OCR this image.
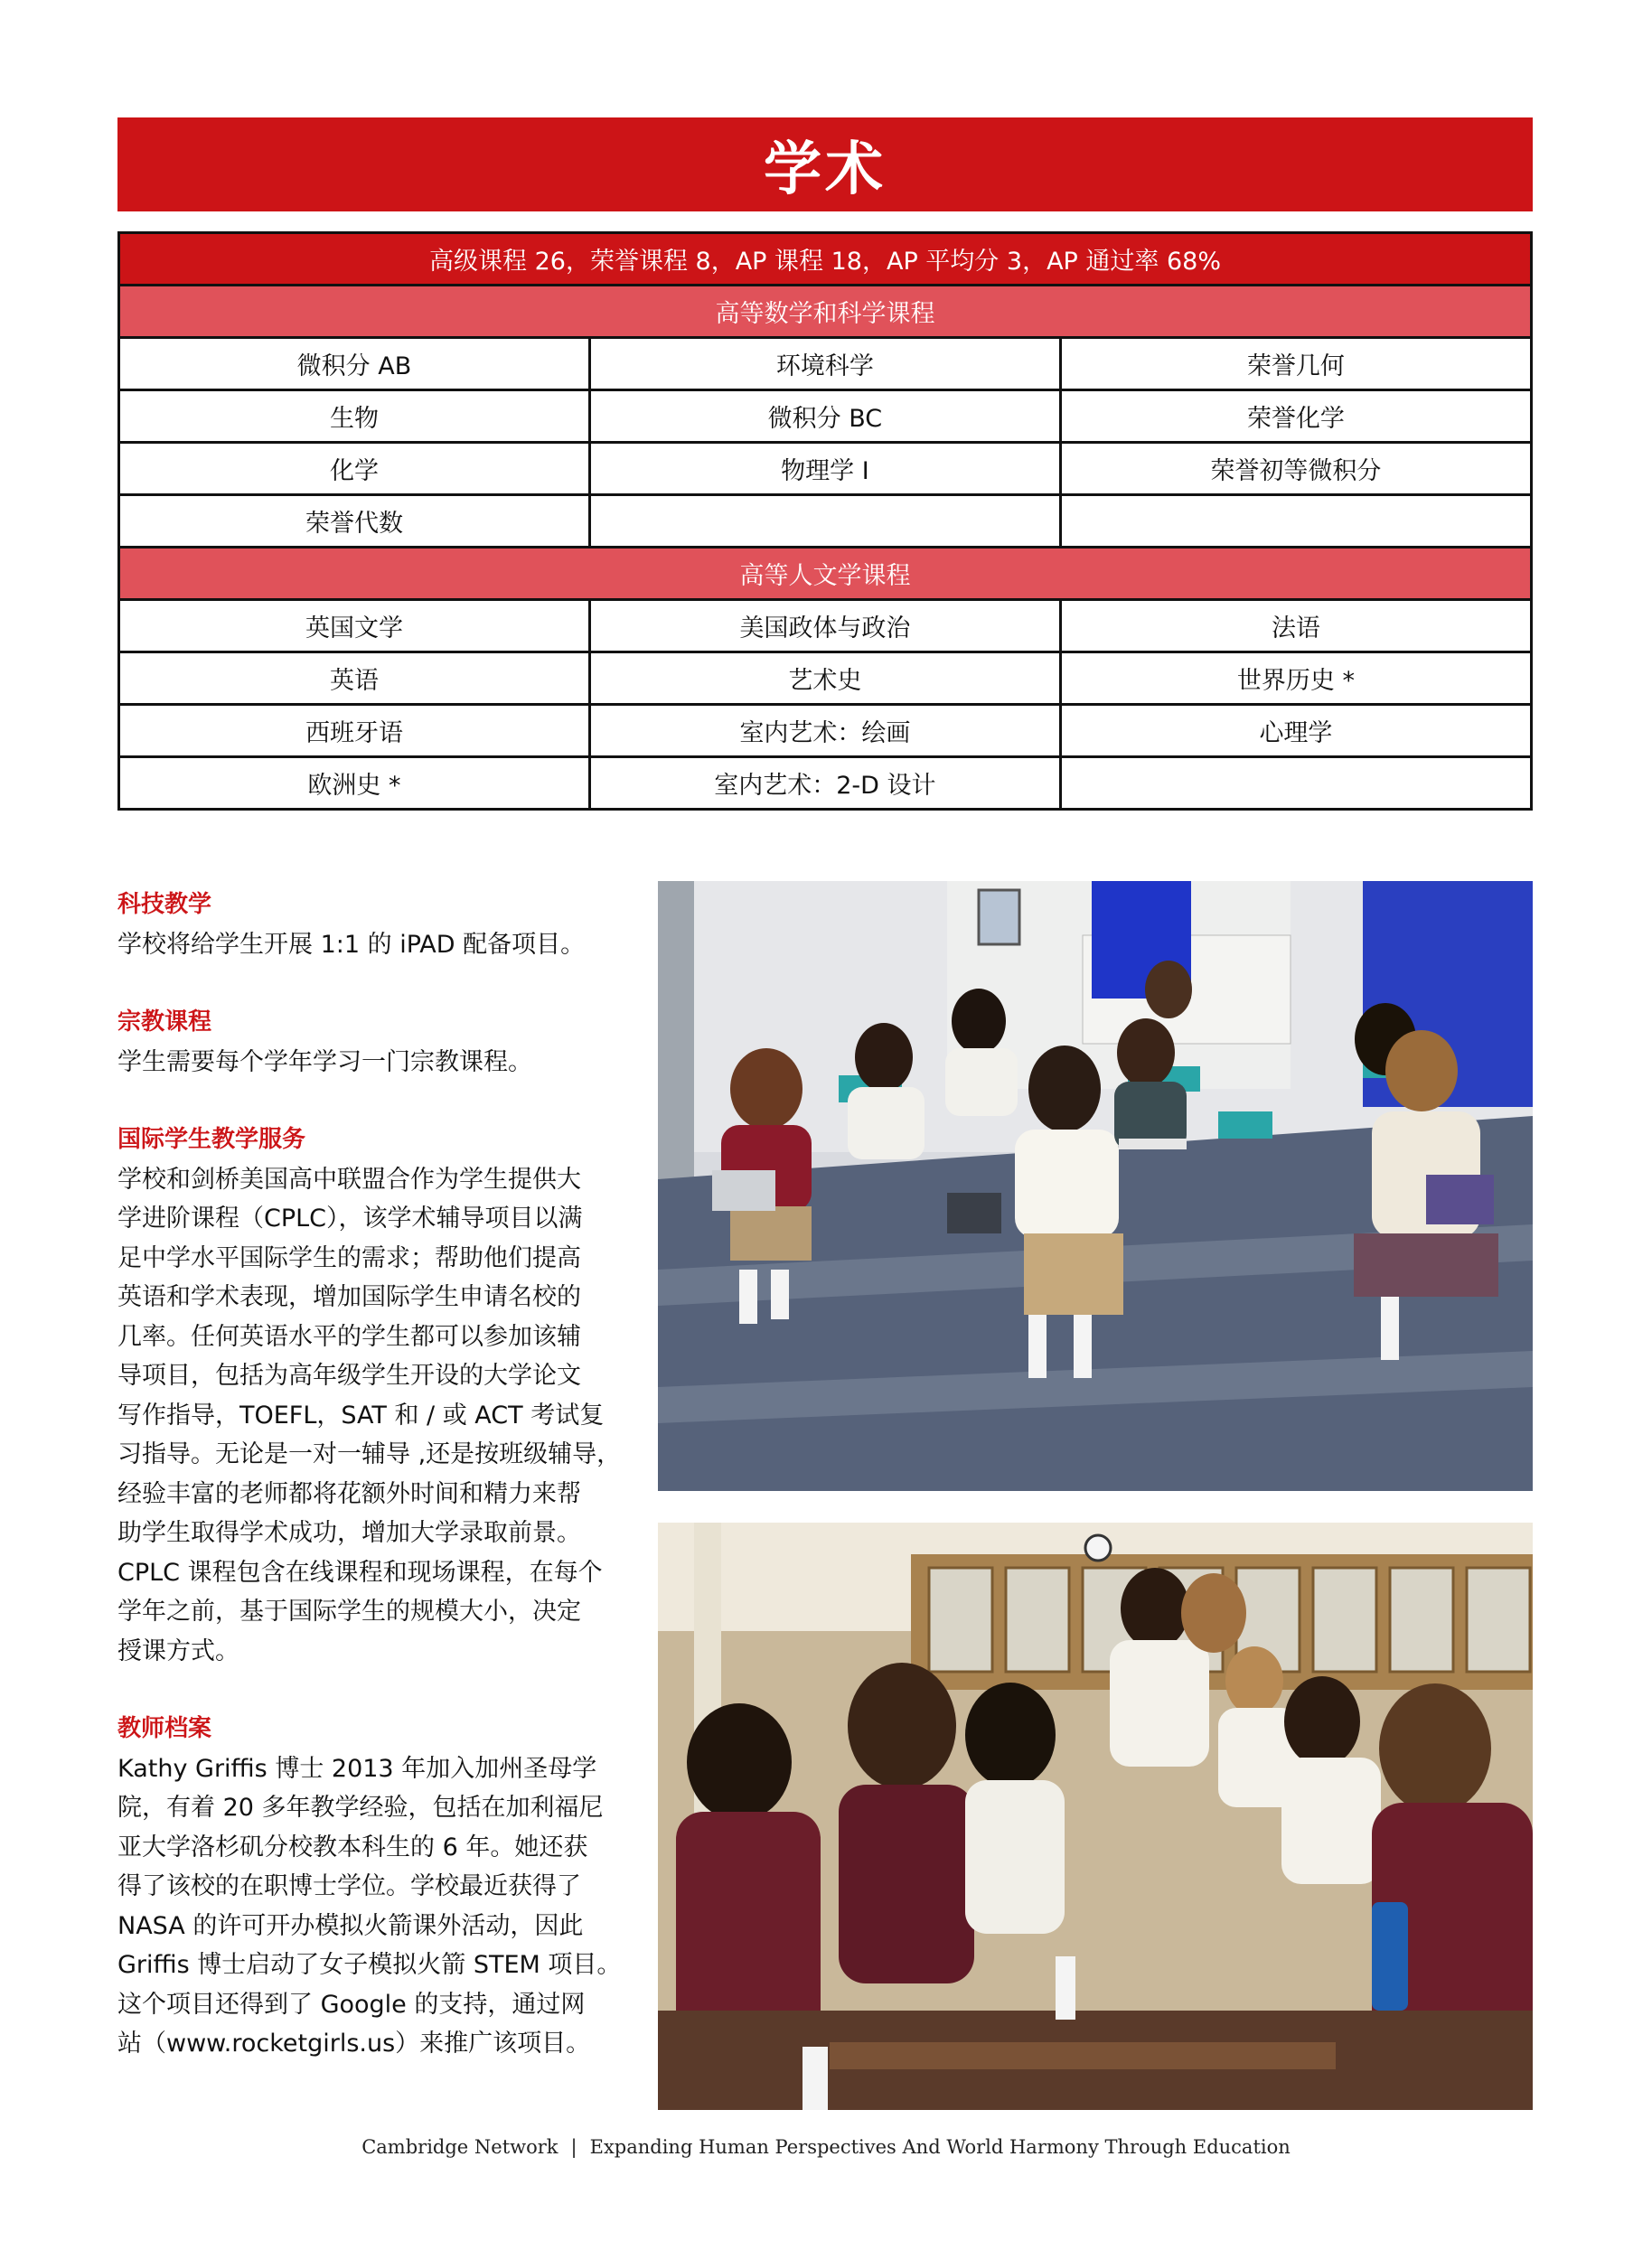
学术
高级课程 26，荣誉课程 8，AP 课程 18，AP 平均分 3，AP 通过率 68%		
高等数学和科学课程		
微积分 AB	环境科学	荣誉几何
生物	微积分 BC	荣誉化学
化学	物理学 I	荣誉初等微积分
荣誉代数		
高等人文学课程		
英国文学	美国政体与政治	法语
英语	艺术史	世界历史 *
西班牙语	室内艺术：绘画	心理学
欧洲史 *	室内艺术：2-D 设计	
科技教学
学校将给学生开展 1:1 的 iPAD 配备项目。
宗教课程
学生需要每个学年学习一门宗教课程。
国际学生教学服务
学校和剑桥美国高中联盟合作为学生提供大
学进阶课程（CPLC），该学术辅导项目以满
足中学水平国际学生的需求；帮助他们提高
英语和学术表现，增加国际学生申请名校的
几率。任何英语水平的学生都可以参加该辅
导项目，包括为高年级学生开设的大学论文
写作指导，TOEFL，SAT 和 / 或 ACT 考试复
习指导。无论是一对一辅导 ,还是按班级辅导，
经验丰富的老师都将花额外时间和精力来帮
助学生取得学术成功，增加大学录取前景。
CPLC 课程包含在线课程和现场课程，在每个
学年之前，基于国际学生的规模大小，决定
授课方式。
教师档案
Kathy Griffis 博士 2013 年加入加州圣母学
院，有着 20 多年教学经验，包括在加利福尼
亚大学洛杉矶分校教本科生的 6 年。她还获
得了该校的在职博士学位。学校最近获得了
NASA 的许可开办模拟火箭课外活动，因此
Griffis 博士启动了女子模拟火箭 STEM 项目。
这个项目还得到了 Google 的支持，通过网
站（www.rocketgirls.us）来推广该项目。
Cambridge Network | Expanding Human Perspectives And World Harmony Through Education
